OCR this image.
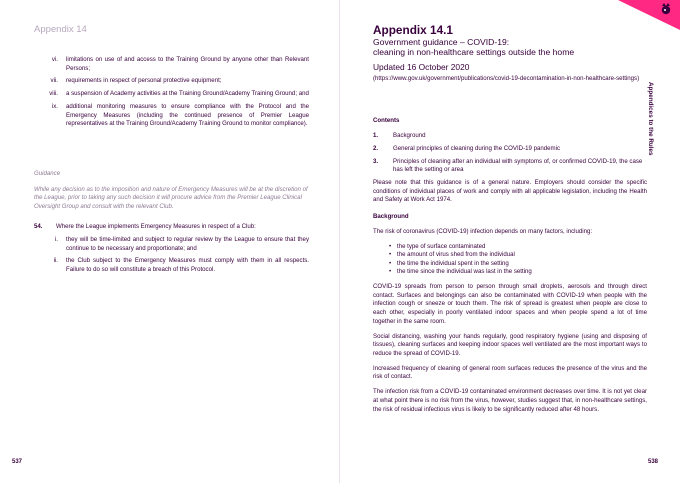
Appendix 14
vi.	limitations on use of and access to the Training Ground by anyone other than Relevant Persons;
vii.	requirements in respect of personal protective equipment;
viii.	a suspension of Academy activities at the Training Ground/Academy Training Ground; and
ix.	additional monitoring measures to ensure compliance with the Protocol and the Emergency Measures (including the continued presence of Premier League representatives at the Training Ground/Academy Training Ground to monitor compliance).
Guidance
While any decision as to the imposition and nature of Emergency Measures will be at the discretion of the League, prior to taking any such decision it will procure advice from the Premier League Clinical Oversight Group and consult with the relevant Club.
54.	Where the League implements Emergency Measures in respect of a Club:
i.	they will be time-limited and subject to regular review by the League to ensure that they continue to be necessary and proportionate; and
ii.	the Club subject to the Emergency Measures must comply with them in all respects. Failure to do so will constitute a breach of this Protocol.
537
Appendix 14.1
Government guidance – COVID-19:
cleaning in non-healthcare settings outside the home
Updated 16 October 2020
(https://www.gov.uk/government/publications/covid-19-decontamination-in-non-healthcare-settings)
Contents
1.	Background
2.	General principles of cleaning during the COVID-19 pandemic
3.	Principles of cleaning after an individual with symptoms of, or confirmed COVID-19, the case has left the setting or area
Please note that this guidance is of a general nature. Employers should consider the specific conditions of individual places of work and comply with all applicable legislation, including the Health and Safety at Work Act 1974.
Background
The risk of coronavirus (COVID-19) infection depends on many factors, including:
• the type of surface contaminated
• the amount of virus shed from the individual
• the time the individual spent in the setting
• the time since the individual was last in the setting
COVID-19 spreads from person to person through small droplets, aerosols and through direct contact. Surfaces and belongings can also be contaminated with COVID-19 when people with the infection cough or sneeze or touch them. The risk of spread is greatest when people are close to each other, especially in poorly ventilated indoor spaces and when people spend a lot of time together in the same room.
Social distancing, washing your hands regularly, good respiratory hygiene (using and disposing of tissues), cleaning surfaces and keeping indoor spaces well ventilated are the most important ways to reduce the spread of COVID-19.
Increased frequency of cleaning of general room surfaces reduces the presence of the virus and the risk of contact.
The infection risk from a COVID-19 contaminated environment decreases over time. It is not yet clear at what point there is no risk from the virus, however, studies suggest that, in non-healthcare settings, the risk of residual infectious virus is likely to be significantly reduced after 48 hours.
538
Appendices to the Rules
